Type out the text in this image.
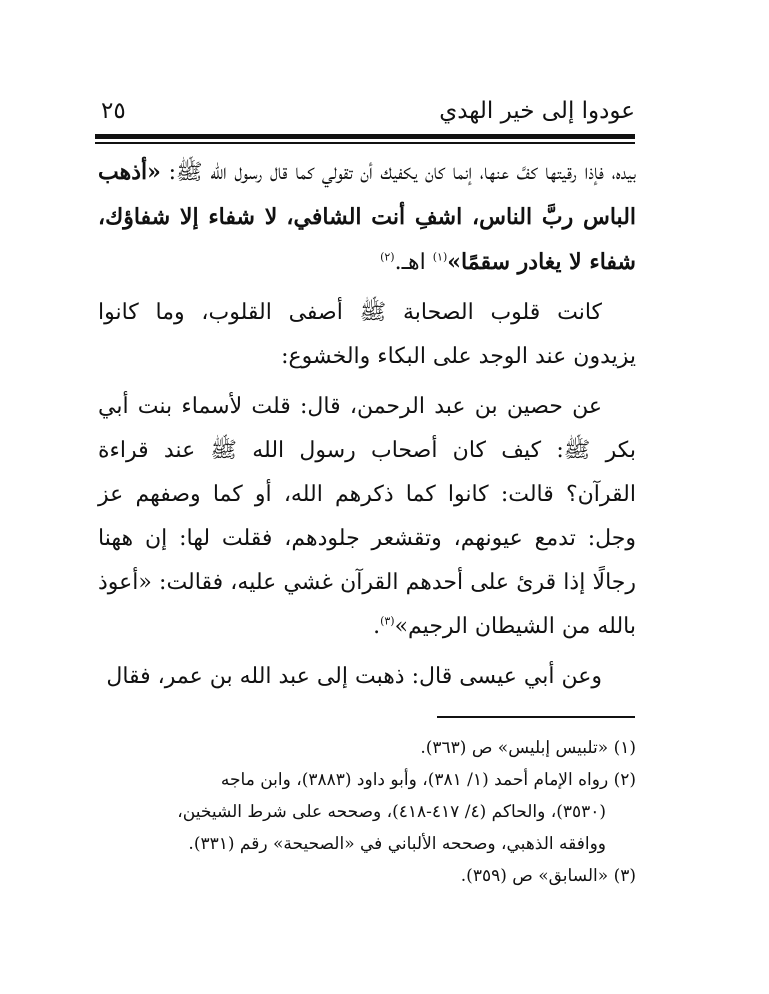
عودوا إلى خير الهدي
٢٥

بيده، فإذا رقيتها كفَّ عنها، إنما كان يكفيك أن تقولي كما قال رسول الله ﷺ: «أذهب الباس ربَّ الناس، اشفِ أنت الشافي، لا شفاء إلا شفاؤك، شفاء لا يغادر سقمًا»$^{(١)}$ اهـ.$^{(٢)}$

كانت قلوب الصحابة ﷺ أصفى القلوب، وما كانوا يزيدون عند الوجد على البكاء والخشوع:

عن حصين بن عبد الرحمن، قال: قلت لأسماء بنت أبي بكر ﷺ: كيف كان أصحاب رسول الله ﷺ عند قراءة القرآن؟ قالت: كانوا كما ذكرهم الله، أو كما وصفهم عز وجل: تدمع عيونهم، وتقشعر جلودهم، فقلت لها: إن ههنا رجالًا إذا قرئ على أحدهم القرآن غشي عليه، فقالت: «أعوذ بالله من الشيطان الرجيم»$^{(٣)}$.

وعن أبي عيسى قال: ذهبت إلى عبد الله بن عمر، فقال

(١) «تلبيس إبليس» ص (٣٦٣).

(٢) رواه الإمام أحمد (١/ ٣٨١)، وأبو داود (٣٨٨٣)، وابن ماجه

(٣٥٣٠)، والحاكم (٤/ ٤١٧-٤١٨)، وصححه على شرط الشيخين،

ووافقه الذهبي، وصححه الألباني في «الصحيحة» رقم (٣٣١).

(٣) «السابق» ص (٣٥٩).
